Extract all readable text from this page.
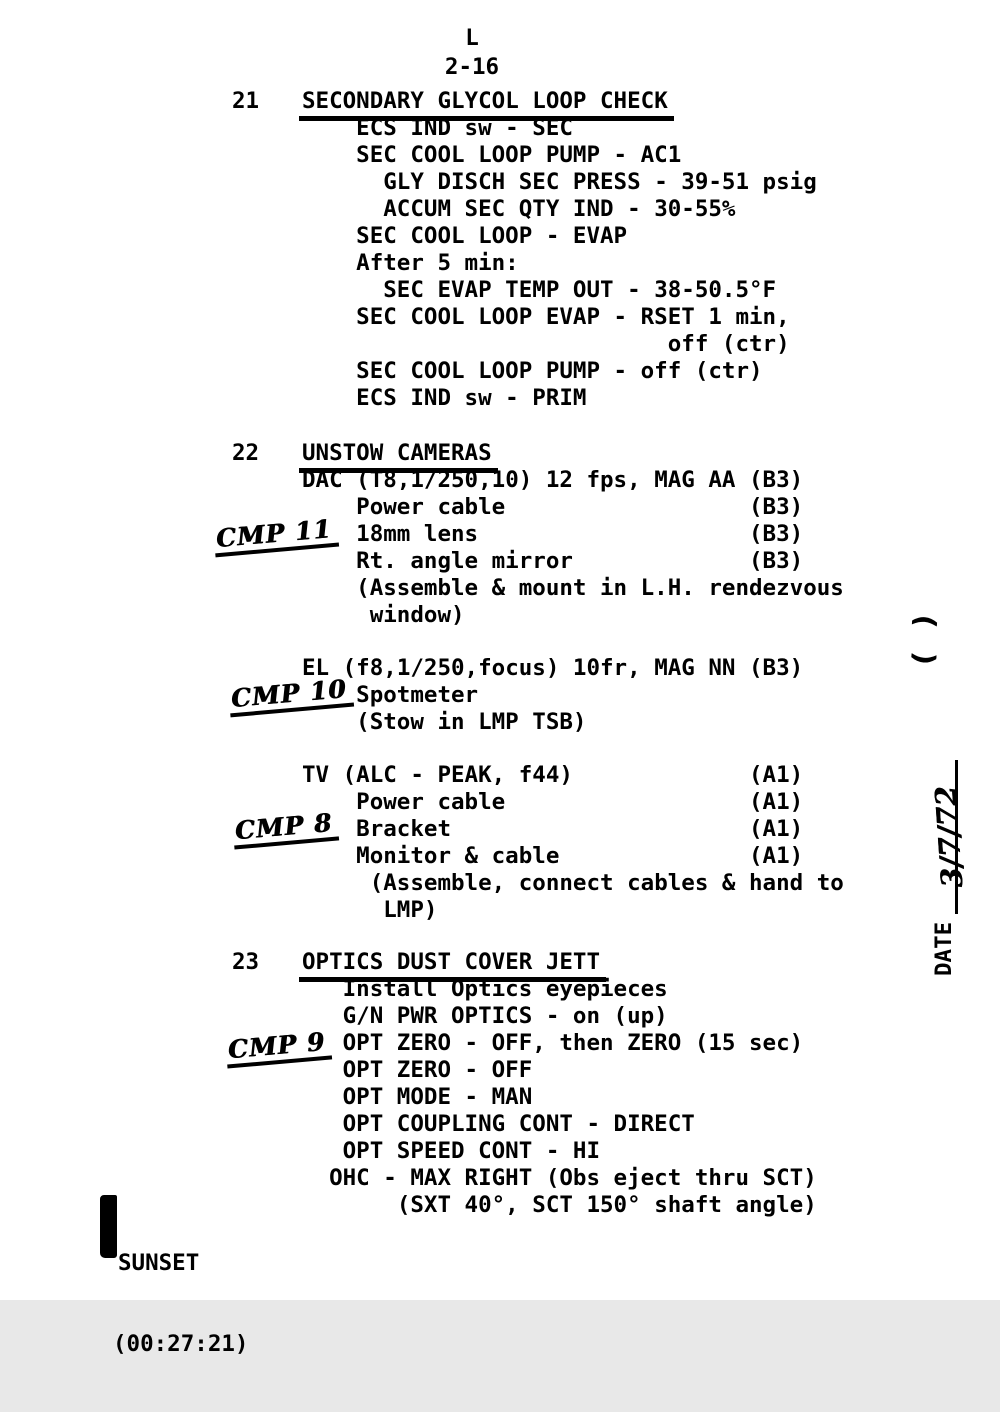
L
2-16
21 SECONDARY GLYCOL LOOP CHECK
ECS IND sw - SEC
SEC COOL LOOP PUMP - AC1
GLY DISCH SEC PRESS - 39-51 psig
ACCUM SEC QTY IND - 30-55%
SEC COOL LOOP - EVAP
After 5 min:
SEC EVAP TEMP OUT - 38-50.5°F
SEC COOL LOOP EVAP - RSET 1 min,
off (ctr)
SEC COOL LOOP PUMP - off (ctr)
ECS IND sw - PRIM
22 UNSTOW CAMERAS
DAC (T8,1/250,10) 12 fps, MAG AA (B3)
Power cable	(B3)
18mm lens	(B3)
Rt. angle mirror	(B3)
(Assemble & mount in L.H. rendezvous
window)
EL (f8,1/250,focus) 10fr, MAG NN (B3)
Spotmeter
(Stow in LMP TSB)
TV (ALC - PEAK, f44)	(A1)
Power cable	(A1)
Bracket	(A1)
Monitor & cable	(A1)
(Assemble, connect cables & hand to
LMP)
23 OPTICS DUST COVER JETT
Install Optics eyepieces
G/N PWR OPTICS - on (up)
OPT ZERO - OFF, then ZERO (15 sec)
OPT ZERO - OFF
OPT MODE - MAN
OPT COUPLING CONT - DIRECT
OPT SPEED CONT - HI
OHC - MAX RIGHT (Obs eject thru SCT)
(SXT 40°, SCT 150° shaft angle)
CMP 11
CMP 10
CMP 8
CMP 9
(
)
DATE
3/7/72

SUNSET

(00:27:21)
